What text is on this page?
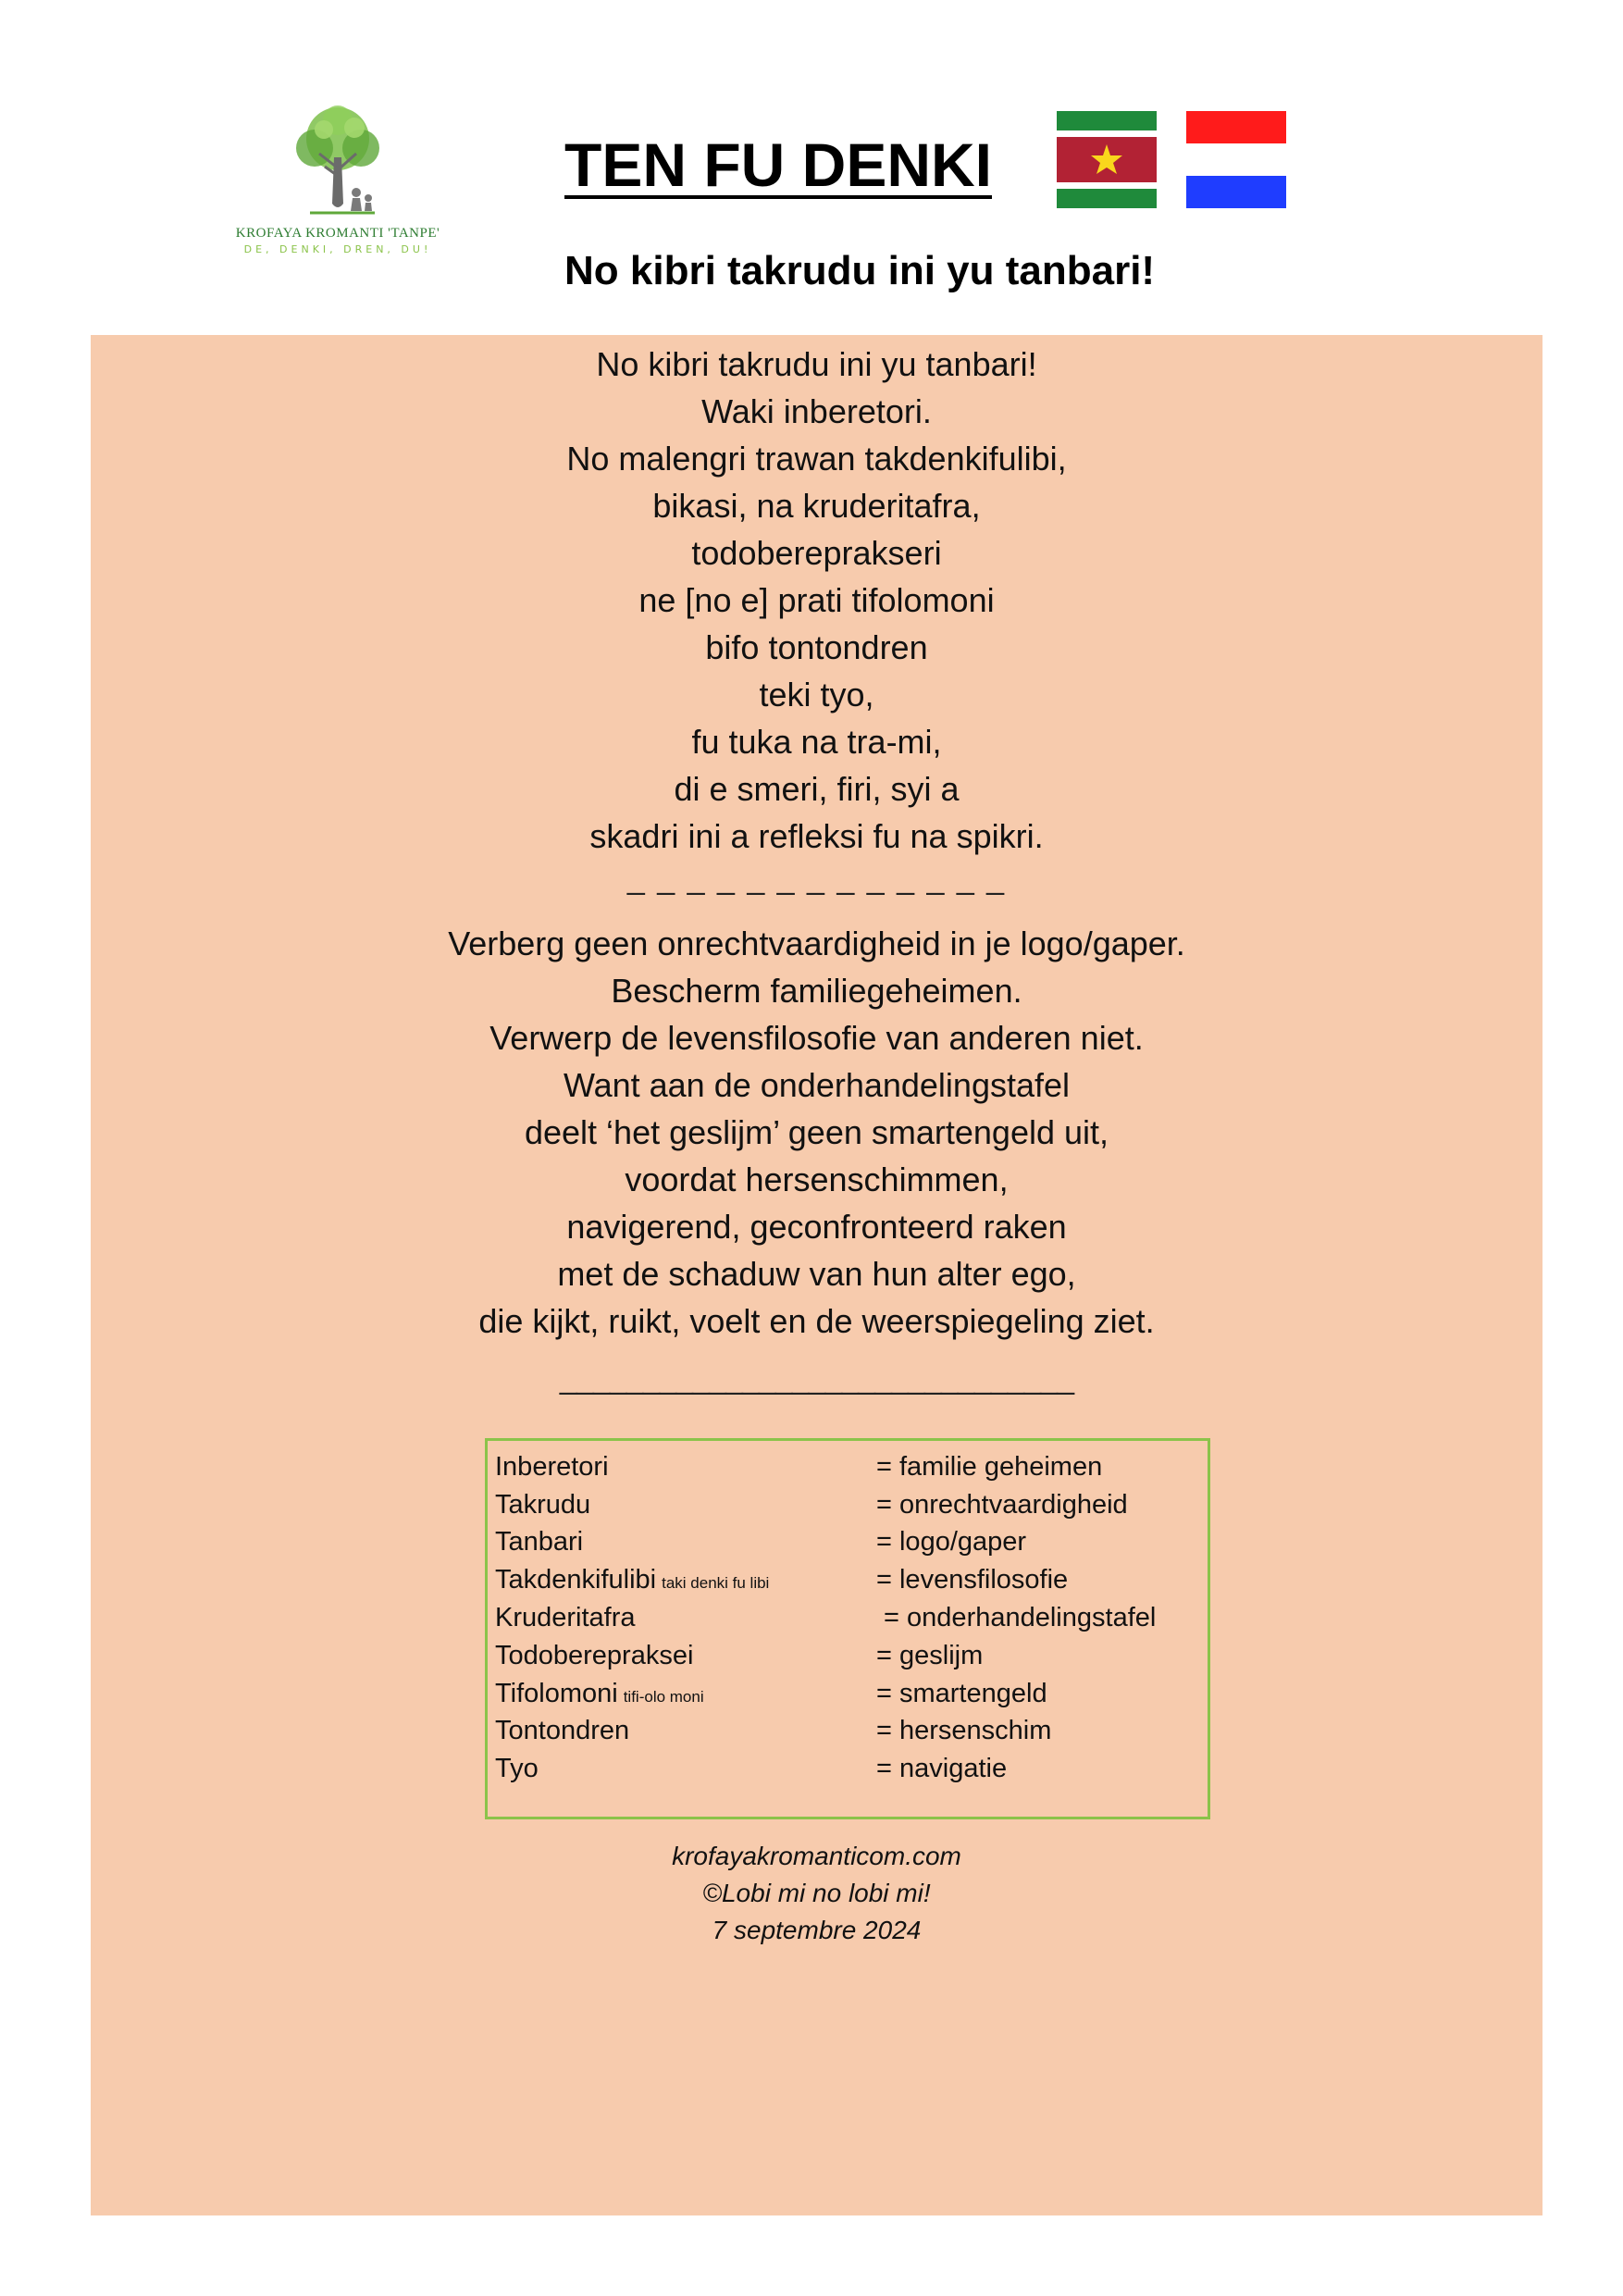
KROFAYA KROMANTI 'TANPE'
DE, DENKI, DREN, DU!
TEN FU DENKI
No kibri takrudu ini yu tanbari!
No kibri takrudu ini yu tanbari!
Waki inberetori.
No malengri trawan takdenkifulibi,
bikasi, na kruderitafra,
todobereprakseri
ne [no e] prati tifolomoni
bifo tontondren
teki tyo,
fu tuka na tra-mi,
di e smeri, firi, syi a
skadri ini a refleksi fu na spikri.
_ _ _ _ _ _ _ _ _ _ _ _ _
Verberg geen onrechtvaardigheid in je logo/gaper.
Bescherm familiegeheimen.
Verwerp de levensfilosofie van anderen niet.
Want aan de onderhandelingstafel
deelt ‘het geslijm’ geen smartengeld uit,
voordat hersenschimmen,
navigerend, geconfronteerd raken
met de schaduw van hun alter ego,
die kijkt, ruikt, voelt en de weerspiegeling ziet.
_______________________________
Inberetori	= familie geheimen
Takrudu	= onrechtvaardigheid
Tanbari	= logo/gaper
Takdenkifulibi taki denki fu libi	= levensfilosofie
Kruderitafra	= onderhandelingstafel
Todoberepraksei	= geslijm
Tifolomoni tifi-olo moni	= smartengeld
Tontondren	= hersenschim
Tyo	= navigatie
krofayakromanticom.com
©Lobi mi no lobi mi!
7 septembre 2024
